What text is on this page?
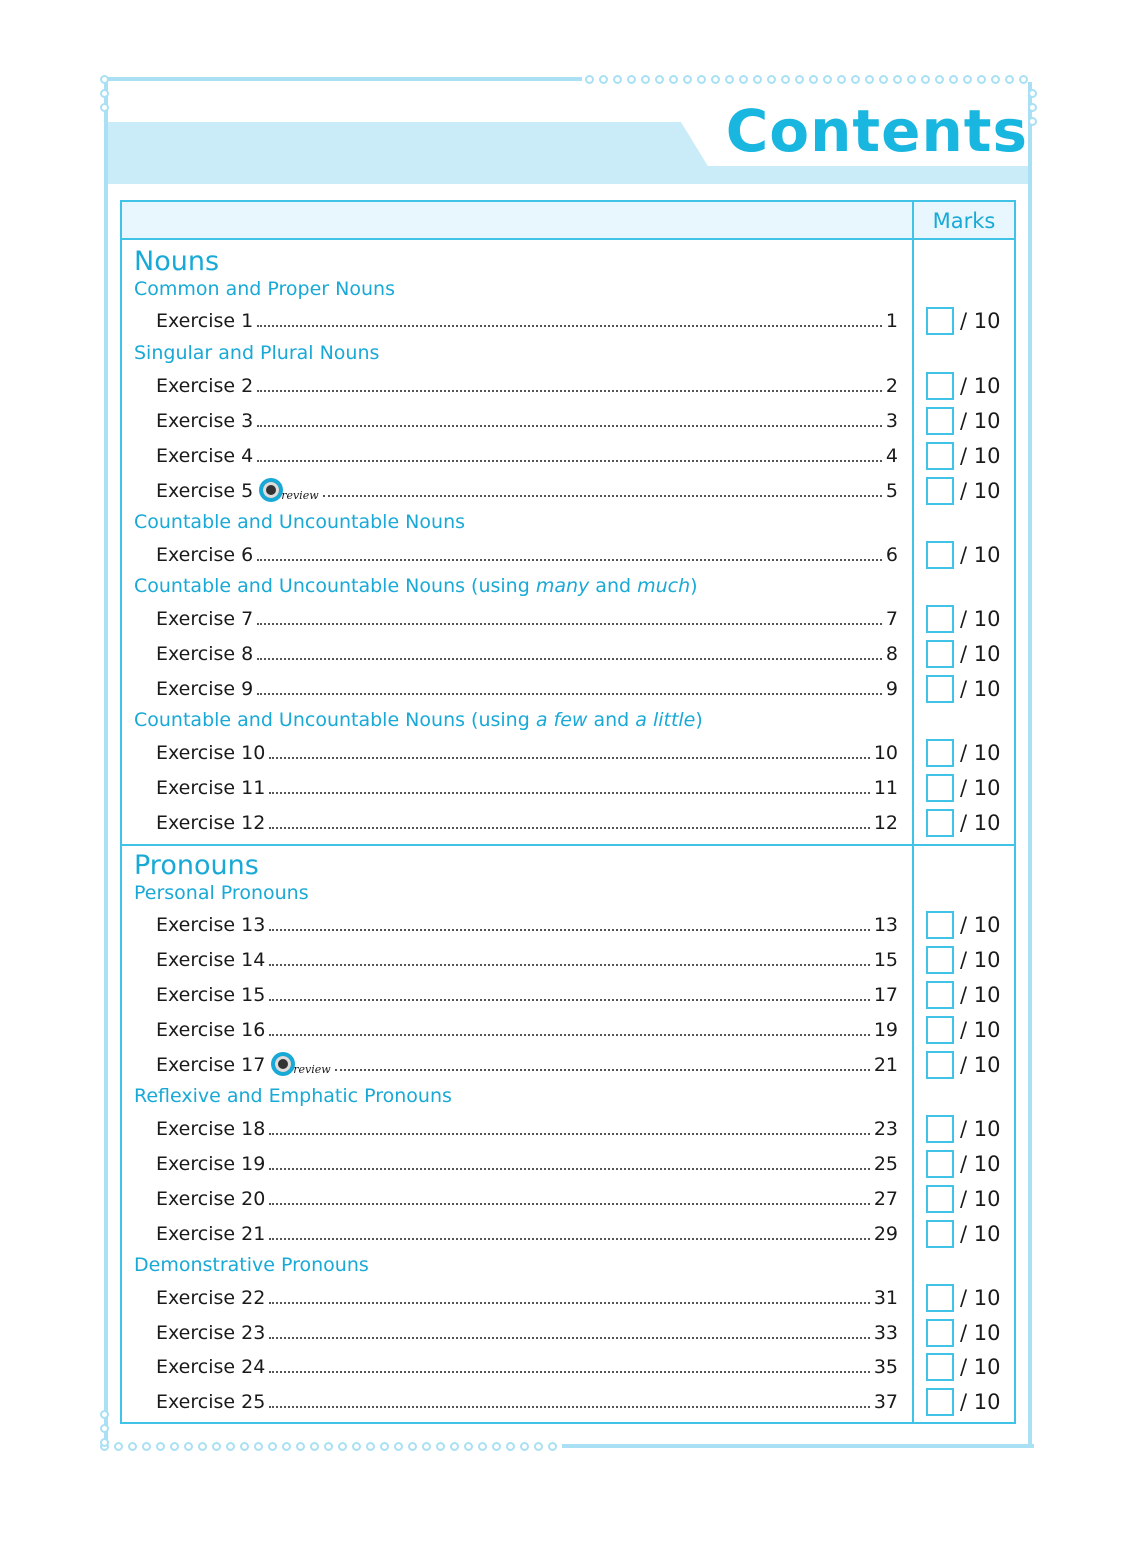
Contents
Marks
Nouns
Common and Proper Nouns
Exercise 1	1	/ 10
Singular and Plural Nouns
Exercise 2	2	/ 10
Exercise 3	3	/ 10
Exercise 4	4	/ 10
Exercise 5	review	5	/ 10
Countable and Uncountable Nouns
Exercise 6	6	/ 10
Countable and Uncountable Nouns (using many and much)
Exercise 7	7	/ 10
Exercise 8	8	/ 10
Exercise 9	9	/ 10
Countable and Uncountable Nouns (using a few and a little)
Exercise 10	10	/ 10
Exercise 11	11	/ 10
Exercise 12	12	/ 10
Pronouns
Personal Pronouns
Exercise 13	13	/ 10
Exercise 14	15	/ 10
Exercise 15	17	/ 10
Exercise 16	19	/ 10
Exercise 17	review	21	/ 10
Reflexive and Emphatic Pronouns
Exercise 18	23	/ 10
Exercise 19	25	/ 10
Exercise 20	27	/ 10
Exercise 21	29	/ 10
Demonstrative Pronouns
Exercise 22	31	/ 10
Exercise 23	33	/ 10
Exercise 24	35	/ 10
Exercise 25	37	/ 10
